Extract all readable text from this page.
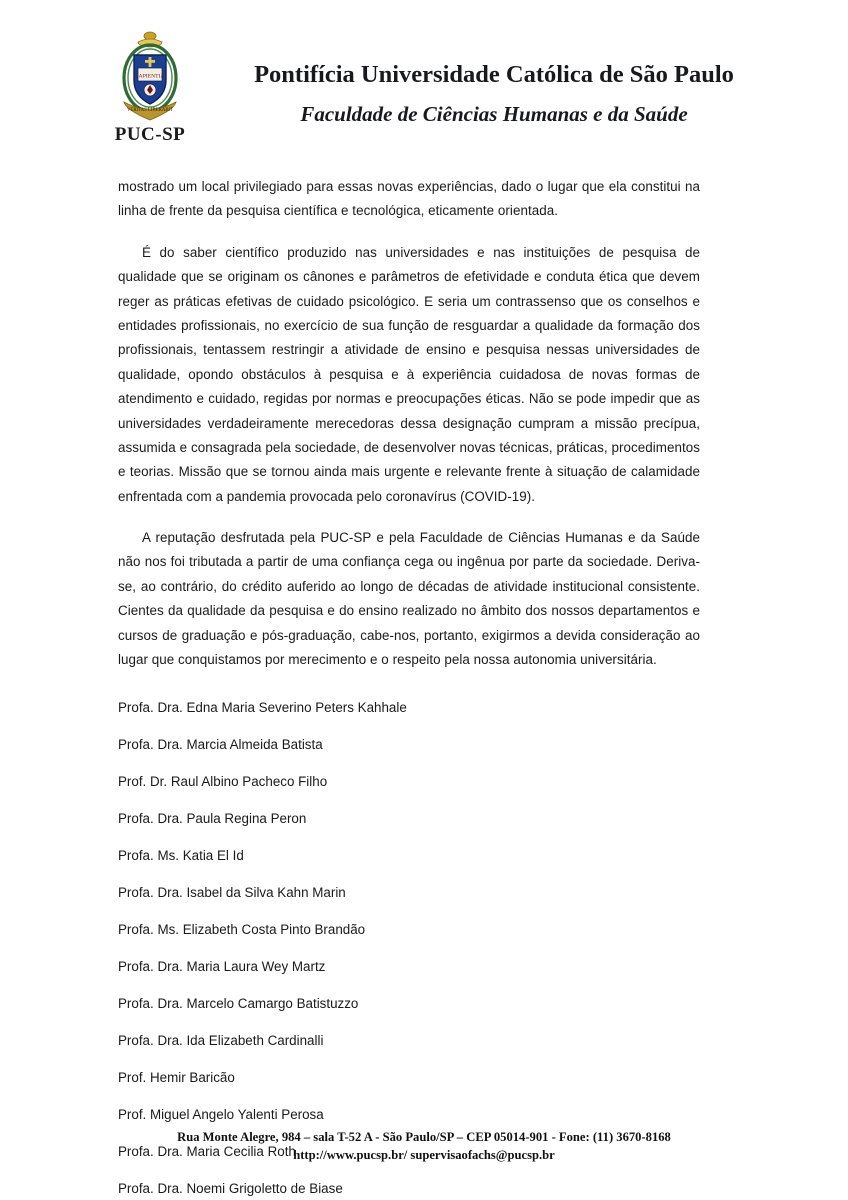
SAPIENTIA
VERITAS LIBERABIT
PUC-SP
Pontifícia Universidade Católica de São Paulo
Faculdade de Ciências Humanas e da Saúde

mostrado um local privilegiado para essas novas experiências, dado o lugar que ela constitui na linha de frente da pesquisa científica e tecnológica, eticamente orientada.

É do saber científico produzido nas universidades e nas instituições de pesquisa de qualidade que se originam os cânones e parâmetros de efetividade e conduta ética que devem reger as práticas efetivas de cuidado psicológico. E seria um contrassenso que os conselhos e entidades profissionais, no exercício de sua função de resguardar a qualidade da formação dos profissionais, tentassem restringir a atividade de ensino e pesquisa nessas universidades de qualidade, opondo obstáculos à pesquisa e à experiência cuidadosa de novas formas de atendimento e cuidado, regidas por normas e preocupações éticas. Não se pode impedir que as universidades verdadeiramente merecedoras dessa designação cumpram a missão precípua, assumida e consagrada pela sociedade, de desenvolver novas técnicas, práticas, procedimentos e teorias. Missão que se tornou ainda mais urgente e relevante frente à situação de calamidade enfrentada com a pandemia provocada pelo coronavírus (COVID-19).

A reputação desfrutada pela PUC-SP e pela Faculdade de Ciências Humanas e da Saúde não nos foi tributada a partir de uma confiança cega ou ingênua por parte da sociedade. Deriva-se, ao contrário, do crédito auferido ao longo de décadas de atividade institucional consistente. Cientes da qualidade da pesquisa e do ensino realizado no âmbito dos nossos departamentos e cursos de graduação e pós-graduação, cabe-nos, portanto, exigirmos a devida consideração ao lugar que conquistamos por merecimento e o respeito pela nossa autonomia universitária.

Profa. Dra. Edna Maria Severino Peters Kahhale
Profa. Dra. Marcia Almeida Batista
Prof. Dr. Raul Albino Pacheco Filho
Profa. Dra. Paula Regina Peron
Profa. Ms. Katia El Id
Profa. Dra. Isabel da Silva Kahn Marin
Profa. Ms. Elizabeth Costa Pinto Brandão
Profa. Dra. Maria Laura Wey Martz
Profa. Dra. Marcelo Camargo Batistuzzo
Profa. Dra. Ida Elizabeth Cardinalli
Prof. Hemir Baricão
Prof. Miguel Angelo Yalenti Perosa
Profa. Dra. Maria Cecilia Roth
Profa. Dra. Noemi Grigoletto de Biase
Rua Monte Alegre, 984 – sala T-52 A - São Paulo/SP – CEP 05014-901 - Fone: (11) 3670-8168
http://www.pucsp.br/ supervisaofachs@pucsp.br
